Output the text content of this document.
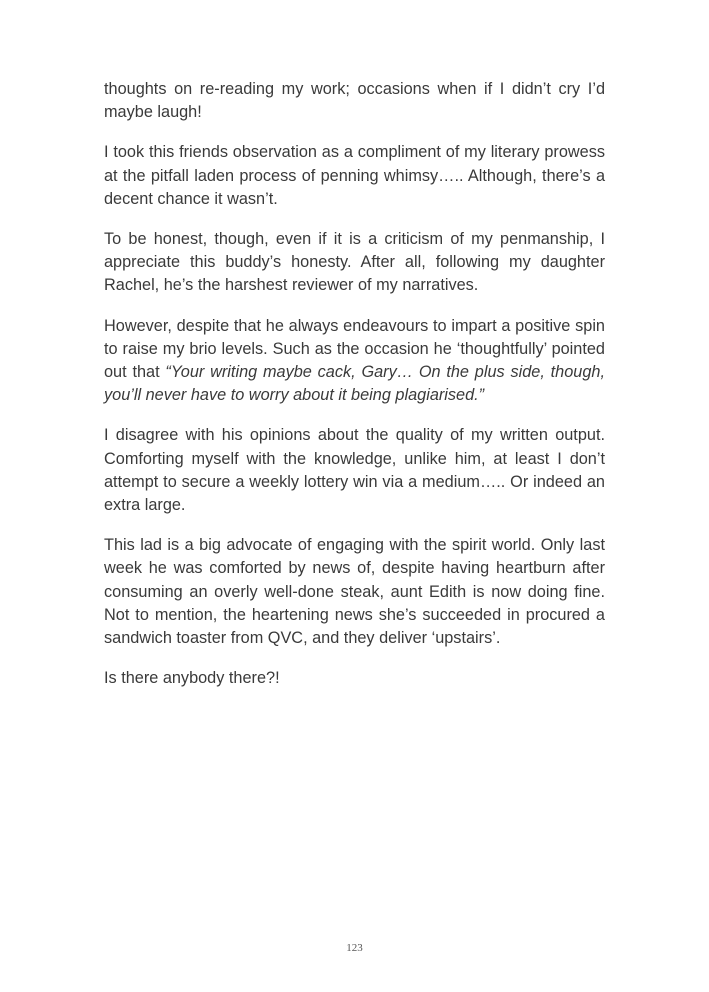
thoughts on re-reading my work; occasions when if I didn’t cry I’d maybe laugh!

I took this friends observation as a compliment of my literary prowess at the pitfall laden process of penning whimsy….. Although, there’s a decent chance it wasn’t.

To be honest, though, even if it is a criticism of my penmanship, I appreciate this buddy’s honesty. After all, following my daughter Rachel, he’s the harshest reviewer of my narratives.

However, despite that he always endeavours to impart a positive spin to raise my brio levels. Such as the occasion he ‘thoughtfully’ pointed out that “Your writing maybe cack, Gary… On the plus side, though, you’ll never have to worry about it being plagiarised.”

I disagree with his opinions about the quality of my written output. Comforting myself with the knowledge, unlike him, at least I don’t attempt to secure a weekly lottery win via a medium….. Or indeed an extra large.

This lad is a big advocate of engaging with the spirit world. Only last week he was comforted by news of, despite having heartburn after consuming an overly well-done steak, aunt Edith is now doing fine. Not to mention, the heartening news she’s succeeded in procured a sandwich toaster from QVC, and they deliver ‘upstairs’.

Is there anybody there?!

123
